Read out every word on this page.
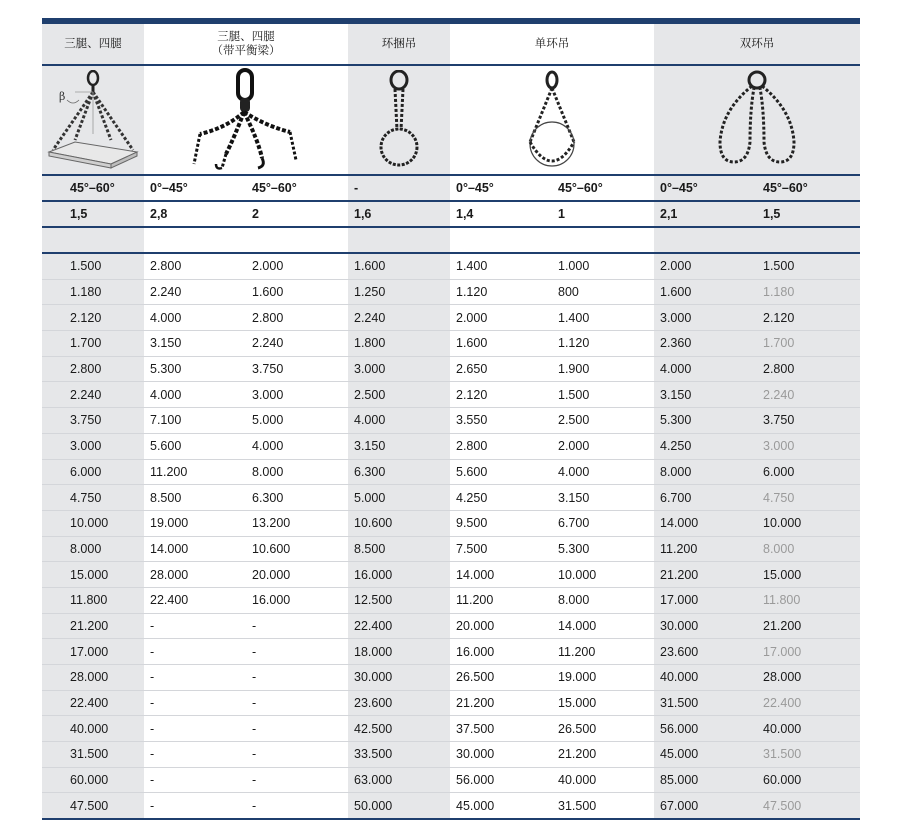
三腿、四腿	三腿、四腿
（带平衡梁）		环捆吊	单环吊		双环吊	

β

45°–60°	0°–45°	45°–60°	-	0°–45°	45°–60°	0°–45°	45°–60°
1,5	2,8	2	1,6	1,4	1	2,1	1,5

1.500	2.800	2.000	1.600	1.400	1.000	2.000	1.500
1.180	2.240	1.600	1.250	1.120	800	1.600	1.180
2.120	4.000	2.800	2.240	2.000	1.400	3.000	2.120
1.700	3.150	2.240	1.800	1.600	1.120	2.360	1.700
2.800	5.300	3.750	3.000	2.650	1.900	4.000	2.800
2.240	4.000	3.000	2.500	2.120	1.500	3.150	2.240
3.750	7.100	5.000	4.000	3.550	2.500	5.300	3.750
3.000	5.600	4.000	3.150	2.800	2.000	4.250	3.000
6.000	11.200	8.000	6.300	5.600	4.000	8.000	6.000
4.750	8.500	6.300	5.000	4.250	3.150	6.700	4.750
10.000	19.000	13.200	10.600	9.500	6.700	14.000	10.000
8.000	14.000	10.600	8.500	7.500	5.300	11.200	8.000
15.000	28.000	20.000	16.000	14.000	10.000	21.200	15.000
11.800	22.400	16.000	12.500	11.200	8.000	17.000	11.800
21.200	-	-	22.400	20.000	14.000	30.000	21.200
17.000	-	-	18.000	16.000	11.200	23.600	17.000
28.000	-	-	30.000	26.500	19.000	40.000	28.000
22.400	-	-	23.600	21.200	15.000	31.500	22.400
40.000	-	-	42.500	37.500	26.500	56.000	40.000
31.500	-	-	33.500	30.000	21.200	45.000	31.500
60.000	-	-	63.000	56.000	40.000	85.000	60.000
47.500	-	-	50.000	45.000	31.500	67.000	47.500
